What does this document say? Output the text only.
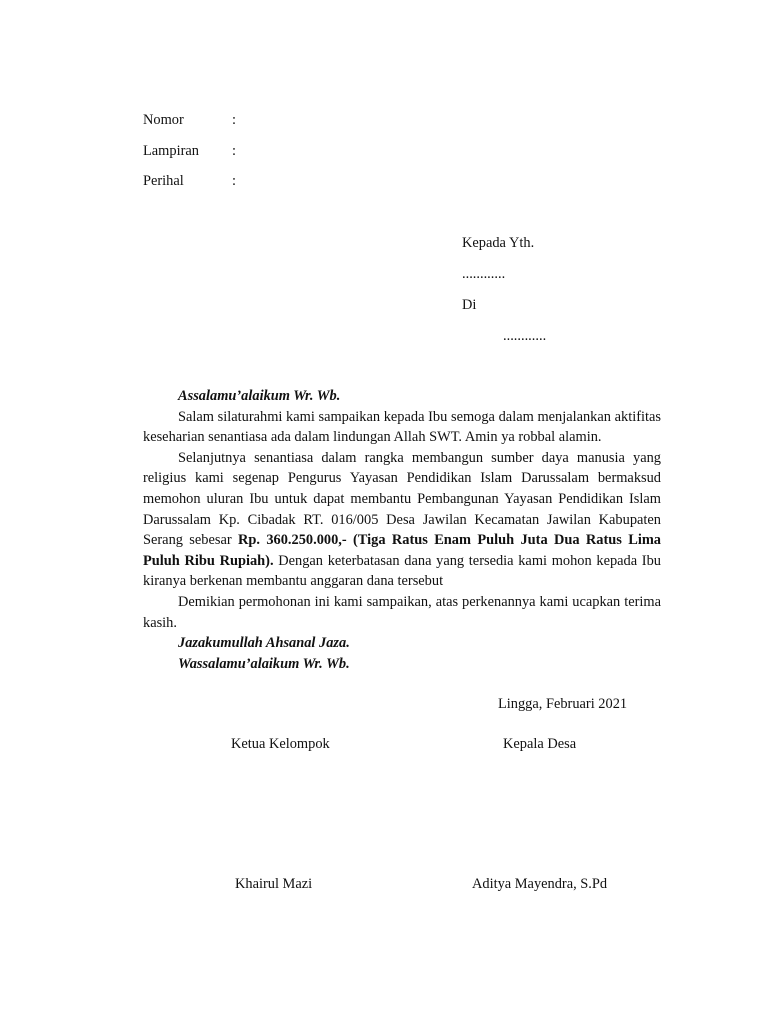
Nomor	:
Lampiran :
Perihal	:
Kepada Yth.
............
Di
............

Assalamu’alaikum Wr. Wb.

Salam silaturahmi kami sampaikan kepada Ibu semoga dalam menjalankan aktifitas keseharian senantiasa ada dalam lindungan Allah SWT. Amin ya robbal alamin.

Selanjutnya senantiasa dalam rangka membangun sumber daya manusia yang religius kami segenap Pengurus Yayasan Pendidikan Islam Darussalam bermaksud memohon uluran Ibu untuk dapat membantu Pembangunan Yayasan Pendidikan Islam Darussalam Kp. Cibadak RT. 016/005 Desa Jawilan Kecamatan Jawilan Kabupaten Serang sebesar Rp. 360.250.000,- (Tiga Ratus Enam Puluh Juta Dua Ratus Lima Puluh Ribu Rupiah). Dengan keterbatasan dana yang tersedia kami mohon kepada Ibu kiranya berkenan membantu anggaran dana tersebut

Demikian permohonan ini kami sampaikan, atas perkenannya kami ucapkan terima kasih.

Jazakumullah Ahsanal Jaza.

Wassalamu’alaikum Wr. Wb.

Lingga, Februari 2021
Ketua Kelompok	Kepala Desa
Khairul Mazi	Aditya Mayendra, S.Pd
